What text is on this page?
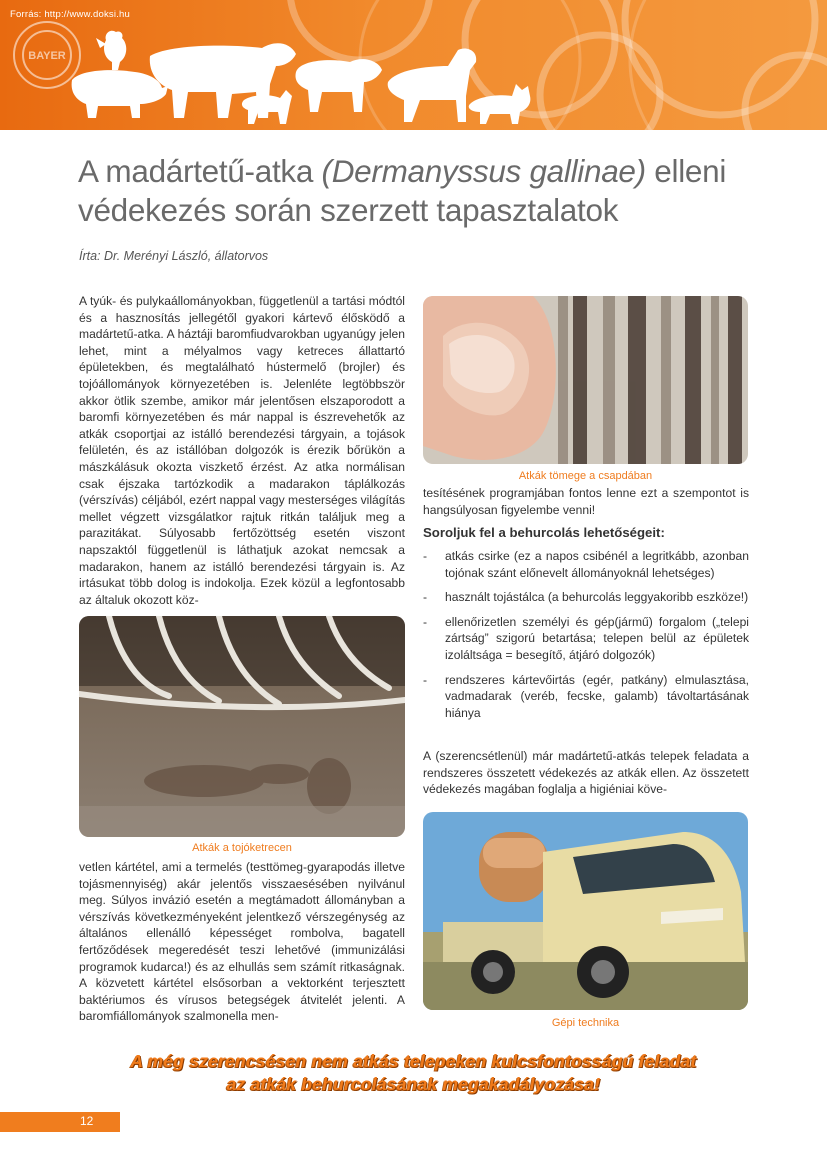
BAYER
Forrás: http://www.doksi.hu
A madártetű-atka (Dermanyssus gallinae) elleni védekezés során szerzett tapasztalatok
Írta: Dr. Merényi László, állatorvos

A tyúk- és pulykaállományokban, függetlenül a tartási módtól és a hasznosítás jellegétől gyakori kártevő élősködő a madártetű-atka. A háztáji baromfiudvarokban ugyanúgy jelen lehet, mint a mélyalmos vagy ketreces állattartó épületekben, és megtalálható hústermelő (brojler) és tojóállományok környezetében is. Jelenléte legtöbbször akkor ötlik szembe, amikor már jelentősen elszaporodott a baromfi környezetében és már nappal is észrevehetők az atkák csoportjai az istálló berendezési tárgyain, a tojások felületén, és az istállóban dolgozók is érezik bőrükön a mászkálásuk okozta viszkető érzést. Az atka normálisan csak éjszaka tartózkodik a madarakon táplálkozás (vérszívás) céljából, ezért nappal vagy mesterséges világítás mellet végzett vizsgálatkor rajtuk ritkán találjuk meg a parazitákat. Súlyosabb fertőzöttség esetén viszont napszaktól függetlenül is láthatjuk azokat nemcsak a madarakon, hanem az istálló berendezési tárgyain is. Az irtásukat több dolog is indokolja. Ezek közül a legfontosabb az általuk okozott köz-

Atkák a tojóketrecen

vetlen kártétel, ami a termelés (testtömeg-gyarapodás illetve tojásmennyiség) akár jelentős visszaesésében nyilvánul meg. Súlyos invázió esetén a megtámadott állományban a vérszívás következményeként jelentkező vérszegénység az általános ellenálló képességet rombolva, bagatell fertőződések megeredését teszi lehetővé (immunizálási programok kudarca!) és az elhullás sem számít ritkaságnak. A közvetett kártétel elsősorban a vektorként terjesztett baktériumos és vírusos betegségek átvitelét jelenti. A baromfiállományok szalmonella men-

Atkák tömege a csapdában

tesítésének programjában fontos lenne ezt a szempontot is hangsúlyosan figyelembe venni!

Soroljuk fel a behurcolás lehetőségeit:
- atkás csirke (ez a napos csibénél a legritkább, azonban tojónak szánt előnevelt állományoknál lehetséges)
- használt tojástálca (a behurcolás leggyakoribb eszköze!)
- ellenőrizetlen személyi és gép(jármű) forgalom („telepi zártság” szigorú betartása; telepen belül az épületek izoláltsága = besegítő, átjáró dolgozók)
- rendszeres kártevőirtás (egér, patkány) elmulasztása, vadmadarak (veréb, fecske, galamb) távoltartásának hiánya

A (szerencsétlenül) már madártetű-atkás telepek feladata a rendszeres összetett védekezés az atkák ellen. Az összetett védekezés magában foglalja a higiéniai köve-

Gépi technika
A még szerencsésen nem atkás telepeken kulcsfontosságú feladat
az atkák behurcolásának megakadályozása!
12
